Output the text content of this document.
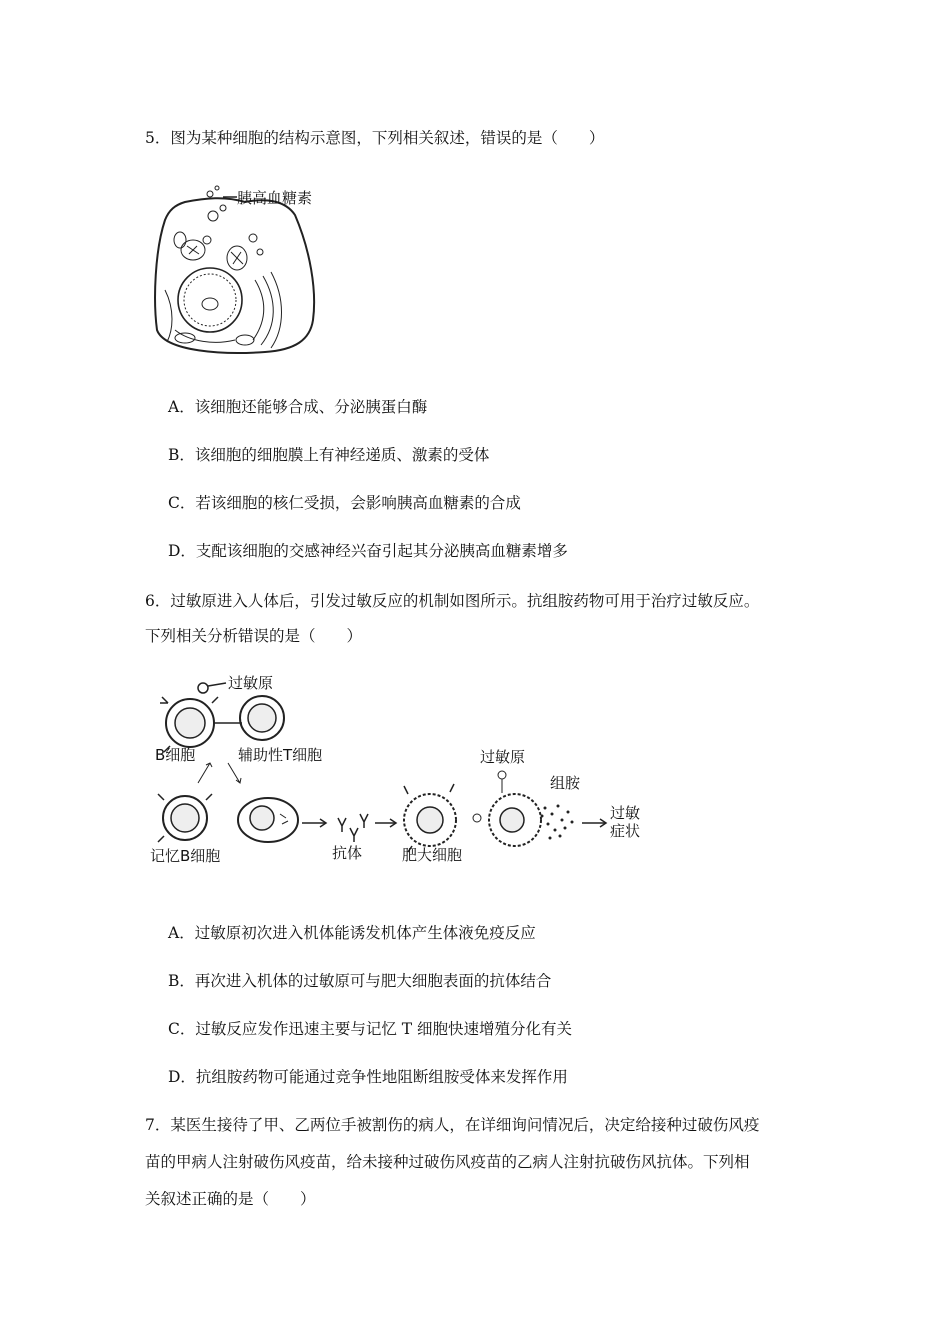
5．图为某种细胞的结构示意图，下列相关叙述，错误的是（　　）
胰高血糖素
A．该细胞还能够合成、分泌胰蛋白酶
B．该细胞的细胞膜上有神经递质、激素的受体
C．若该细胞的核仁受损，会影响胰高血糖素的合成
D．支配该细胞的交感神经兴奋引起其分泌胰高血糖素增多
6．过敏原进入人体后，引发过敏反应的机制如图所示。抗组胺药物可用于治疗过敏反应。
下列相关分析错误的是（　　）
过敏原
B细胞	辅助性T细胞
记忆B细胞	抗体	肥大细胞
过敏原
组胺
过敏
症状
A．过敏原初次进入机体能诱发机体产生体液免疫反应
B．再次进入机体的过敏原可与肥大细胞表面的抗体结合
C．过敏反应发作迅速主要与记忆 T 细胞快速增殖分化有关
D．抗组胺药物可能通过竞争性地阻断组胺受体来发挥作用
7．某医生接待了甲、乙两位手被割伤的病人，在详细询问情况后，决定给接种过破伤风疫
苗的甲病人注射破伤风疫苗，给未接种过破伤风疫苗的乙病人注射抗破伤风抗体。下列相
关叙述正确的是（　　）
